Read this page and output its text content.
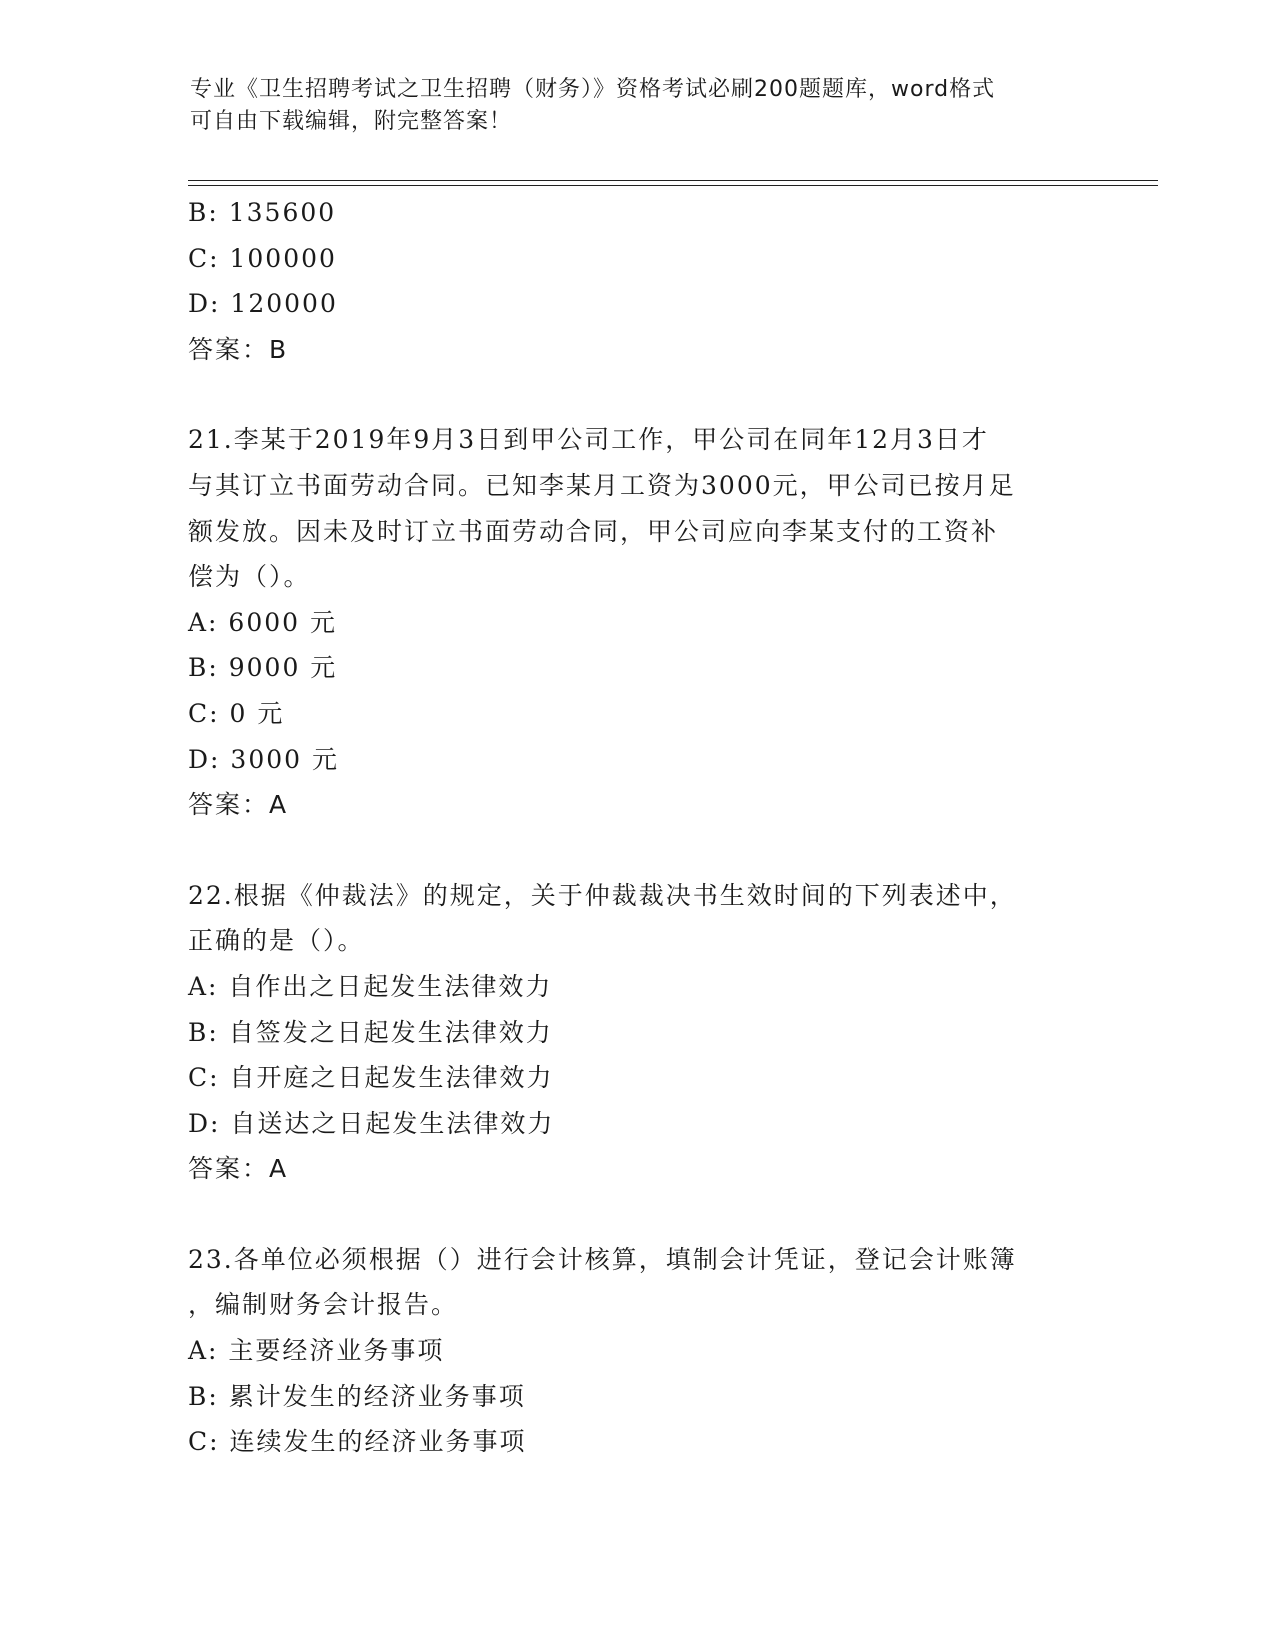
专业《卫生招聘考试之卫生招聘（财务）》资格考试必刷200题题库，word格式
可自由下载编辑，附完整答案！
B: 135600
C: 100000
D: 120000
答案：B
21.李某于2019年9月3日到甲公司工作，甲公司在同年12月3日才
与其订立书面劳动合同。已知李某月工资为3000元，甲公司已按月足
额发放。因未及时订立书面劳动合同，甲公司应向李某支付的工资补
偿为（）。
A: 6000 元
B: 9000 元
C: 0 元
D: 3000 元
答案：A
22.根据《仲裁法》的规定，关于仲裁裁决书生效时间的下列表述中，
正确的是（）。
A: 自作出之日起发生法律效力
B: 自签发之日起发生法律效力
C: 自开庭之日起发生法律效力
D: 自送达之日起发生法律效力
答案：A
23.各单位必须根据（）进行会计核算，填制会计凭证，登记会计账簿
，编制财务会计报告。
A: 主要经济业务事项
B: 累计发生的经济业务事项
C: 连续发生的经济业务事项
